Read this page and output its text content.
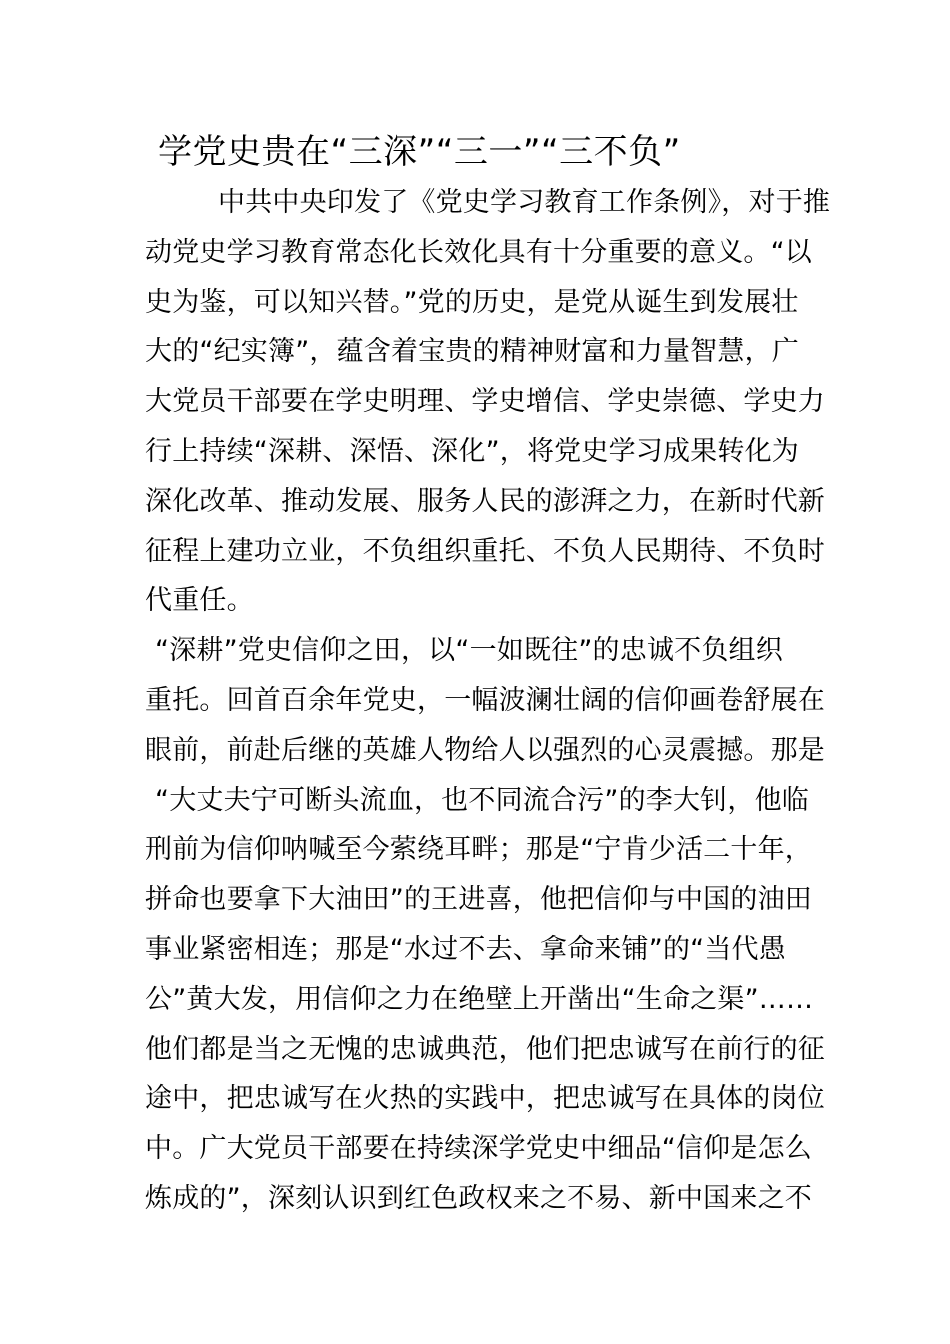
学党史贵在“三深”“三一”“三不负”
中共中央印发了《党史学习教育工作条例》，对于推
动党史学习教育常态化长效化具有十分重要的意义。“以
史为鉴，可以知兴替。”党的历史，是党从诞生到发展壮
大的“纪实簿”，蕴含着宝贵的精神财富和力量智慧，广
大党员干部要在学史明理、学史增信、学史崇德、学史力
行上持续“深耕、深悟、深化”，将党史学习成果转化为
深化改革、推动发展、服务人民的澎湃之力，在新时代新
征程上建功立业，不负组织重托、不负人民期待、不负时
代重任。
“深耕”党史信仰之田，以“一如既往”的忠诚不负组织
重托。回首百余年党史，一幅波澜壮阔的信仰画卷舒展在
眼前，前赴后继的英雄人物给人以强烈的心灵震撼。那是
“大丈夫宁可断头流血，也不同流合污”的李大钊，他临
刑前为信仰呐喊至今萦绕耳畔；那是“宁肯少活二十年，
拼命也要拿下大油田”的王进喜，他把信仰与中国的油田
事业紧密相连；那是“水过不去、拿命来铺”的“当代愚
公”黄大发，用信仰之力在绝壁上开凿出“生命之渠”……
他们都是当之无愧的忠诚典范，他们把忠诚写在前行的征
途中，把忠诚写在火热的实践中，把忠诚写在具体的岗位
中。广大党员干部要在持续深学党史中细品“信仰是怎么
炼成的”，深刻认识到红色政权来之不易、新中国来之不
